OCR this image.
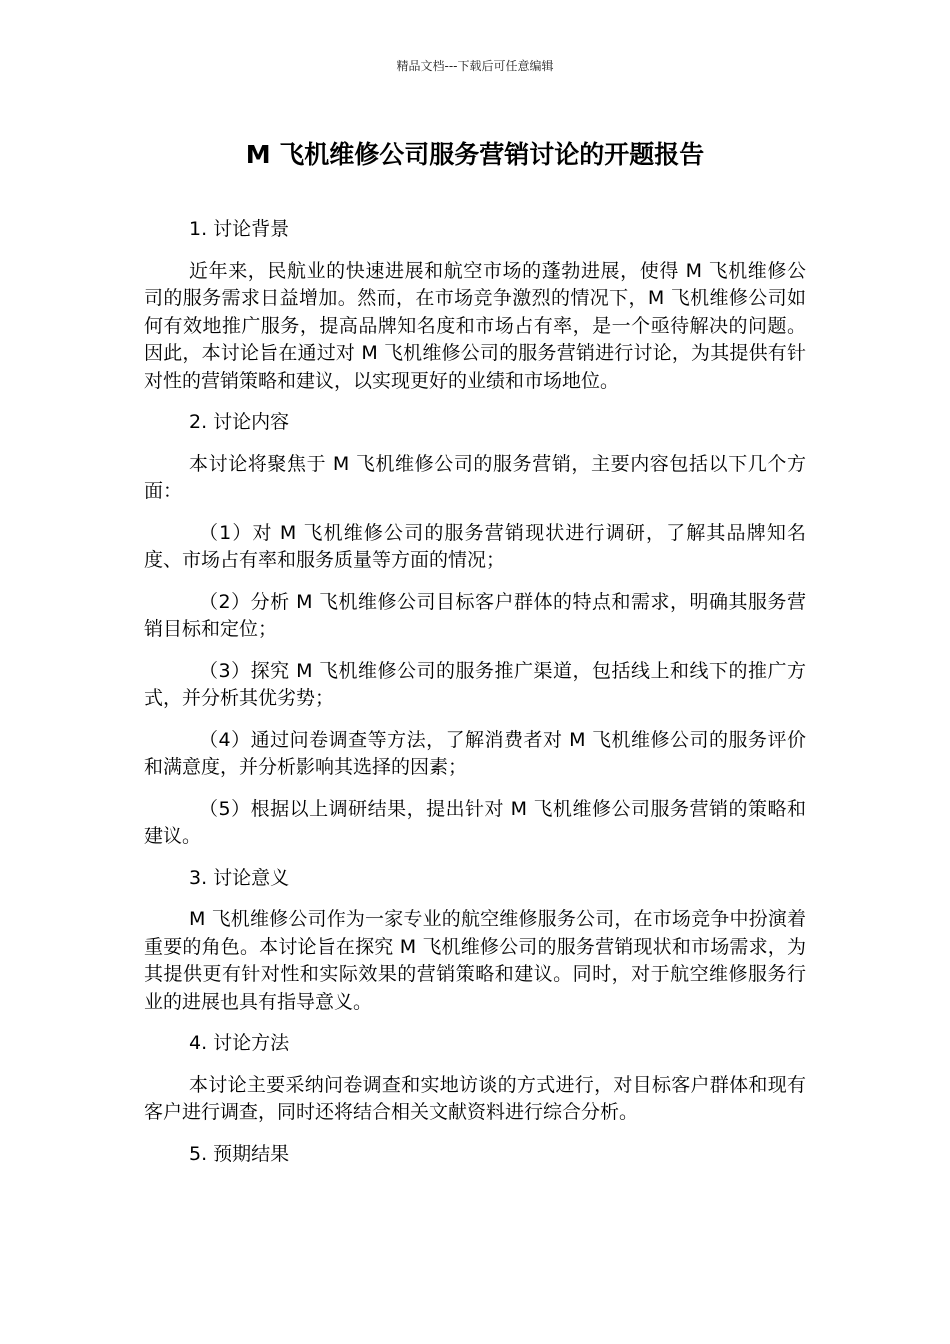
精品文档---下载后可任意编辑
M 飞机维修公司服务营销讨论的开题报告

1. 讨论背景

近年来，民航业的快速进展和航空市场的蓬勃进展，使得 M 飞机维修公司的服务需求日益增加。然而，在市场竞争激烈的情况下，M 飞机维修公司如何有效地推广服务，提高品牌知名度和市场占有率，是一个亟待解决的问题。因此，本讨论旨在通过对 M 飞机维修公司的服务营销进行讨论，为其提供有针对性的营销策略和建议，以实现更好的业绩和市场地位。

2. 讨论内容

本讨论将聚焦于 M 飞机维修公司的服务营销，主要内容包括以下几个方面：

（1）对 M 飞机维修公司的服务营销现状进行调研，了解其品牌知名度、市场占有率和服务质量等方面的情况；

（2）分析 M 飞机维修公司目标客户群体的特点和需求，明确其服务营销目标和定位；

（3）探究 M 飞机维修公司的服务推广渠道，包括线上和线下的推广方式，并分析其优劣势；

（4）通过问卷调查等方法，了解消费者对 M 飞机维修公司的服务评价和满意度，并分析影响其选择的因素；

（5）根据以上调研结果，提出针对 M 飞机维修公司服务营销的策略和建议。

3. 讨论意义

M 飞机维修公司作为一家专业的航空维修服务公司，在市场竞争中扮演着重要的角色。本讨论旨在探究 M 飞机维修公司的服务营销现状和市场需求，为其提供更有针对性和实际效果的营销策略和建议。同时，对于航空维修服务行业的进展也具有指导意义。

4. 讨论方法

本讨论主要采纳问卷调查和实地访谈的方式进行，对目标客户群体和现有客户进行调查，同时还将结合相关文献资料进行综合分析。

5. 预期结果
